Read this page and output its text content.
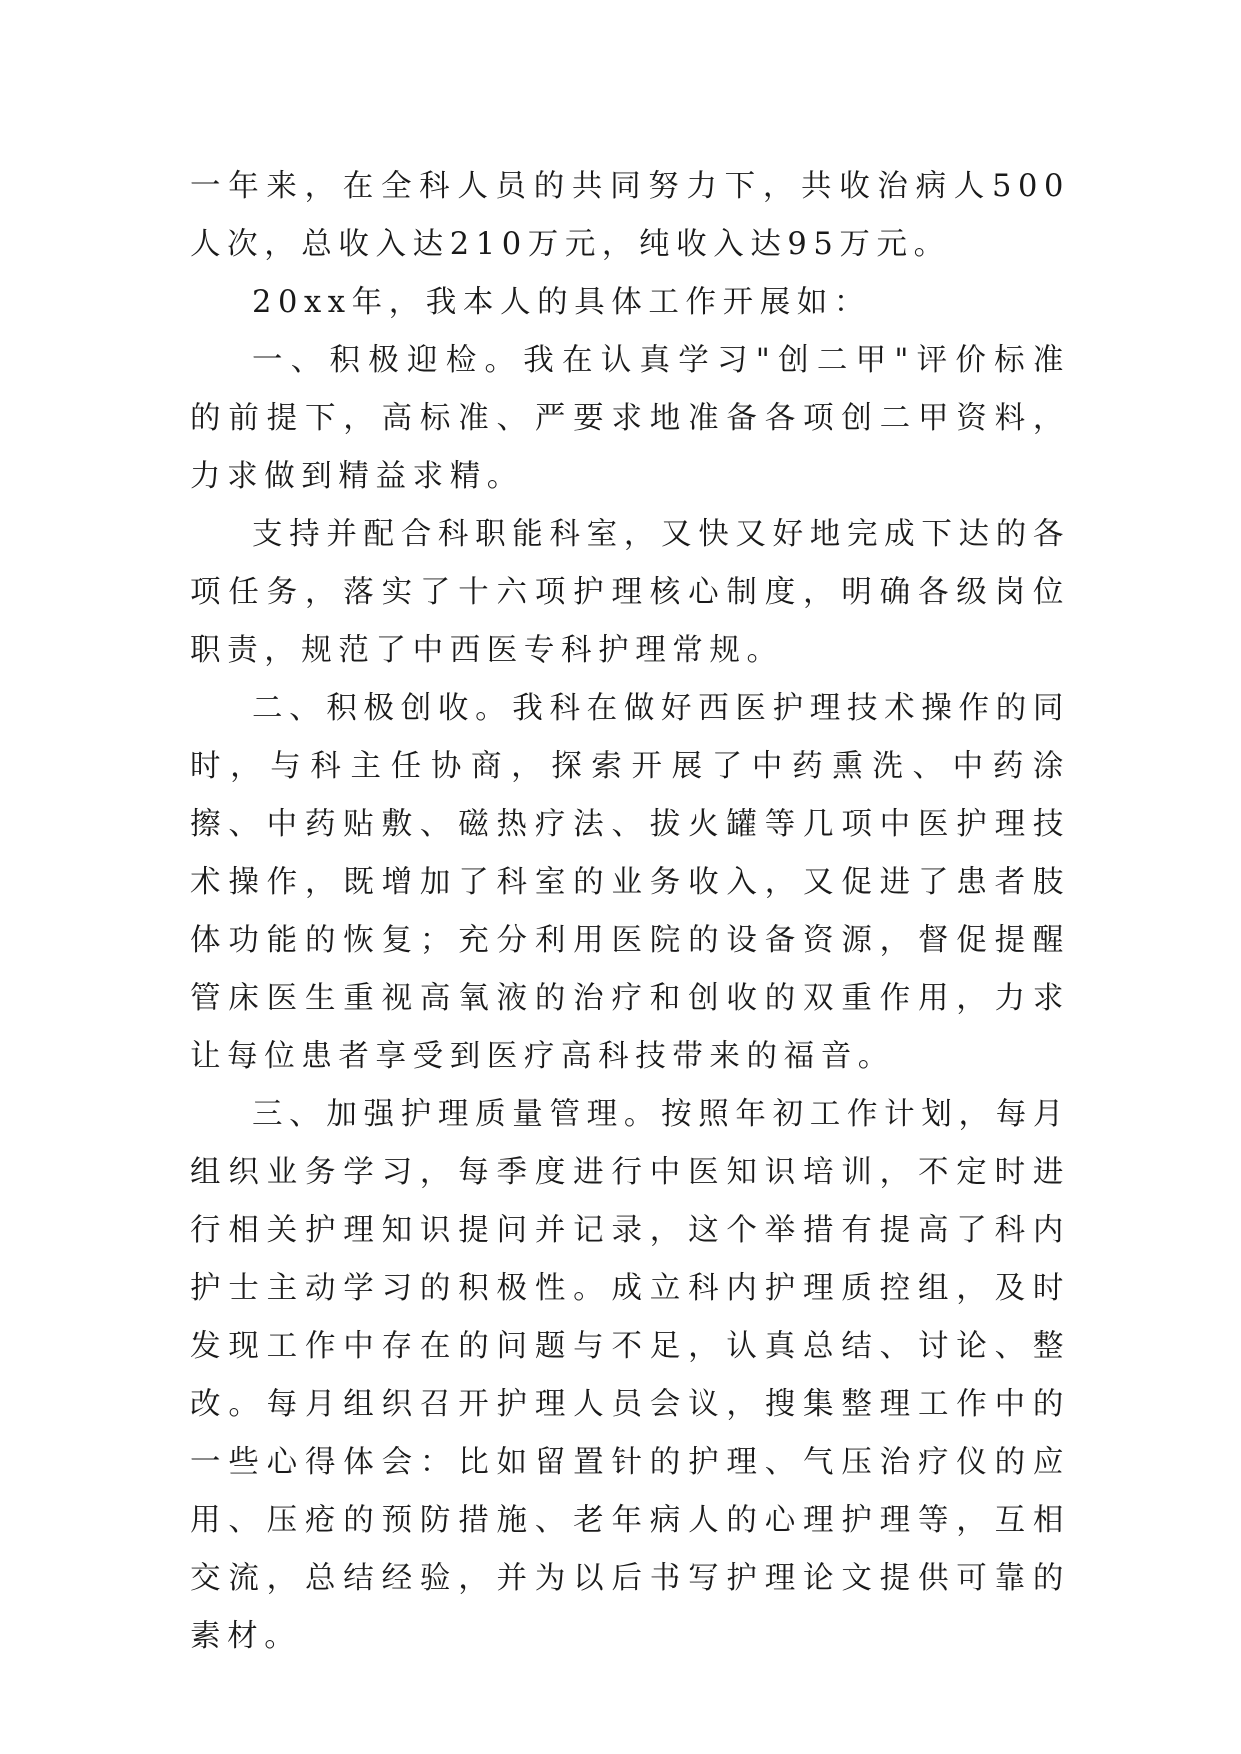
一年来，在全科人员的共同努力下，共收治病人500人次，总收入达210万元，纯收入达95万元。

20xx年，我本人的具体工作开展如：

一、积极迎检。我在认真学习"创二甲"评价标准的前提下，高标准、严要求地准备各项创二甲资料，力求做到精益求精。

支持并配合科职能科室，又快又好地完成下达的各项任务，落实了十六项护理核心制度，明确各级岗位职责，规范了中西医专科护理常规。

二、积极创收。我科在做好西医护理技术操作的同时，与科主任协商，探索开展了中药熏洗、中药涂擦、中药贴敷、磁热疗法、拔火罐等几项中医护理技术操作，既增加了科室的业务收入，又促进了患者肢体功能的恢复；充分利用医院的设备资源，督促提醒管床医生重视高氧液的治疗和创收的双重作用，力求让每位患者享受到医疗高科技带来的福音。

三、加强护理质量管理。按照年初工作计划，每月组织业务学习，每季度进行中医知识培训，不定时进行相关护理知识提问并记录，这个举措有提高了科内护士主动学习的积极性。成立科内护理质控组，及时发现工作中存在的问题与不足，认真总结、讨论、整改。每月组织召开护理人员会议，搜集整理工作中的一些心得体会：比如留置针的护理、气压治疗仪的应用、压疮的预防措施、老年病人的心理护理等，互相交流，总结经验，并为以后书写护理论文提供可靠的素材。
